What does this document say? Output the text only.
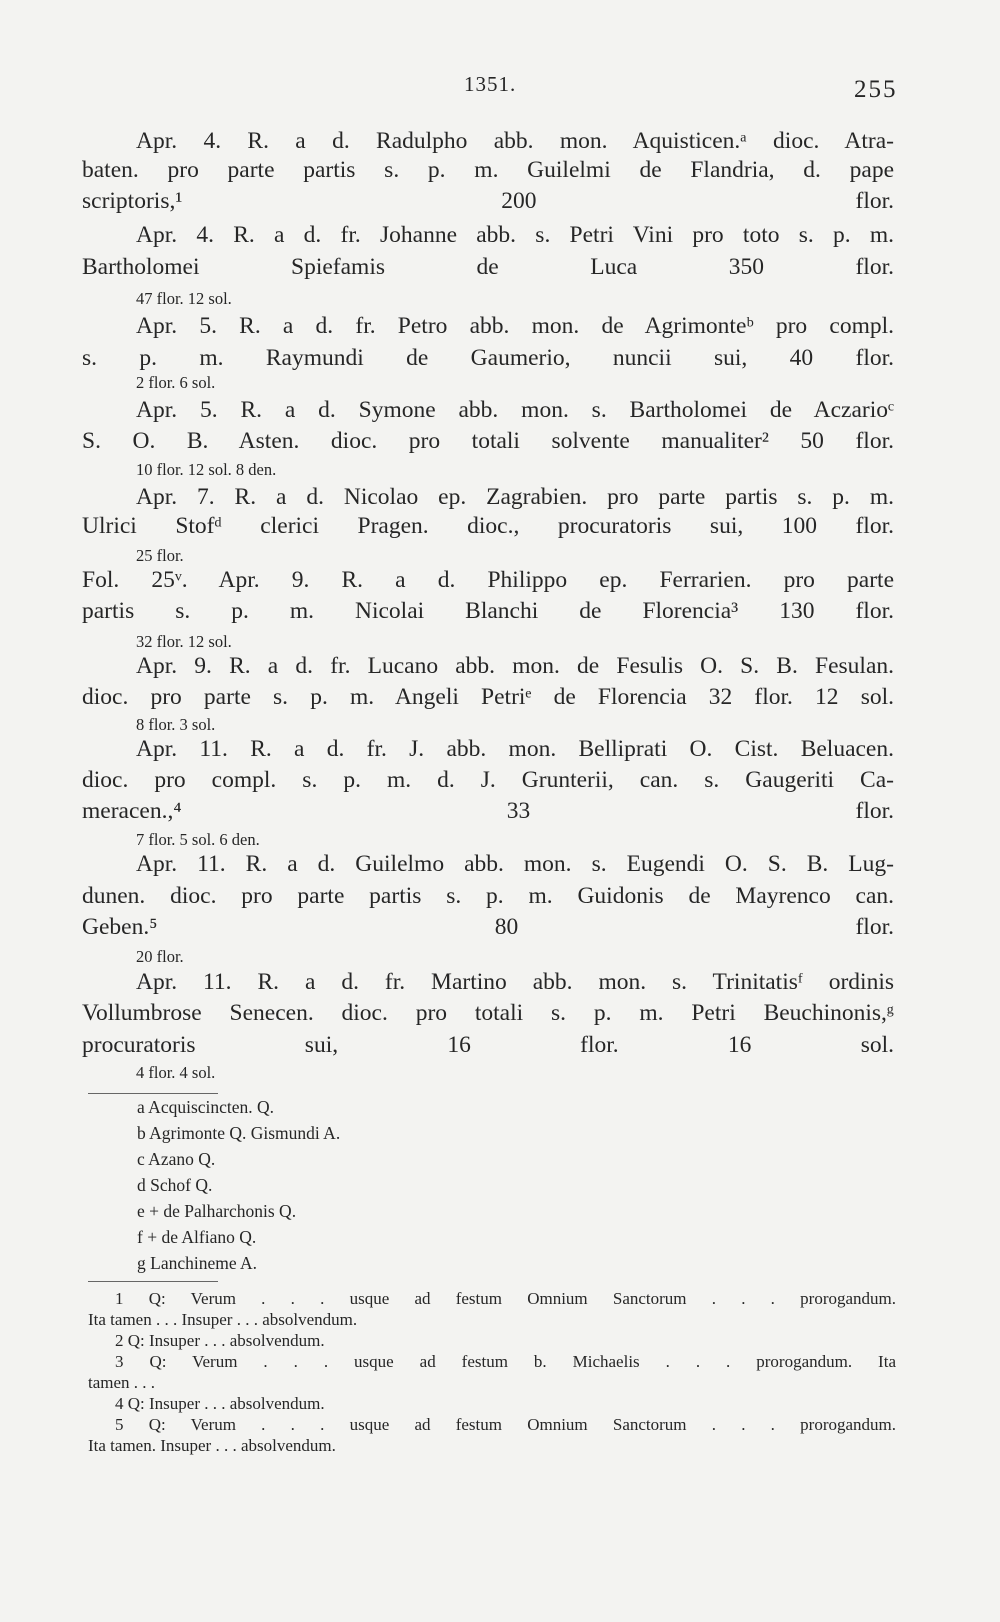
1351.	255
Apr. 4. R. a d. Radulpho abb. mon. Aquisticen.ᵃ dioc. Atra-
baten. pro parte partis s. p. m. Guilelmi de Flandria, d. pape
scriptoris,¹ 200 flor.
Apr. 4. R. a d. fr. Johanne abb. s. Petri Vini pro toto s. p. m.
Bartholomei Spiefamis de Luca 350 flor.
47 flor. 12 sol.
Apr. 5. R. a d. fr. Petro abb. mon. de Agrimonteᵇ pro compl.
s. p. m. Raymundi de Gaumerio, nuncii sui, 40 flor.
2 flor. 6 sol.
Apr. 5. R. a d. Symone abb. mon. s. Bartholomei de Aczarioᶜ
S. O. B. Asten. dioc. pro totali solvente manualiter² 50 flor.
10 flor. 12 sol. 8 den.
Apr. 7. R. a d. Nicolao ep. Zagrabien. pro parte partis s. p. m.
Ulrici Stofᵈ clerici Pragen. dioc., procuratoris sui, 100 flor.
25 flor.
Fol. 25ᵛ. Apr. 9. R. a d. Philippo ep. Ferrarien. pro parte
partis s. p. m. Nicolai Blanchi de Florencia³ 130 flor.
32 flor. 12 sol.
Apr. 9. R. a d. fr. Lucano abb. mon. de Fesulis O. S. B. Fesulan.
dioc. pro parte s. p. m. Angeli Petriᵉ de Florencia 32 flor. 12 sol.
8 flor. 3 sol.
Apr. 11. R. a d. fr. J. abb. mon. Belliprati O. Cist. Beluacen.
dioc. pro compl. s. p. m. d. J. Grunterii, can. s. Gaugeriti Ca-
meracen.,⁴ 33 flor.
7 flor. 5 sol. 6 den.
Apr. 11. R. a d. Guilelmo abb. mon. s. Eugendi O. S. B. Lug-
dunen. dioc. pro parte partis s. p. m. Guidonis de Mayrenco can.
Geben.⁵ 80 flor.
20 flor.
Apr. 11. R. a d. fr. Martino abb. mon. s. Trinitatisᶠ ordinis
Vollumbrose Senecen. dioc. pro totali s. p. m. Petri Beuchinonis,ᵍ
procuratoris sui, 16 flor. 16 sol.
4 flor. 4 sol.
a Acquiscincten. Q.
b Agrimonte Q. Gismundi A.
c Azano Q.
d Schof Q.
e + de Palharchonis Q.
f + de Alfiano Q.
g Lanchineme A.
1 Q: Verum . . . usque ad festum Omnium Sanctorum . . . prorogandum.
Ita tamen . . . Insuper . . . absolvendum.
2 Q: Insuper . . . absolvendum.
3 Q: Verum . . . usque ad festum b. Michaelis . . . prorogandum. Ita
tamen . . .
4 Q: Insuper . . . absolvendum.
5 Q: Verum . . . usque ad festum Omnium Sanctorum . . . prorogandum.
Ita tamen. Insuper . . . absolvendum.
